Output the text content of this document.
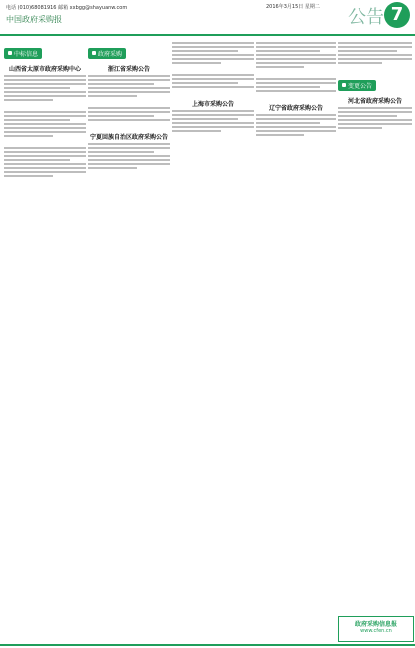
电话 (010)68081916 邮箱 xxbgg@shayuanw.com
中国政府采购报
2016年3月15日 星期二 公告 7
中标信息
山西省太原市政府采购中心
政府采购
浙江省采购公告
宁夏回族自治区政府采购公告
上海市采购公告
辽宁省政府采购公告
变更公告
河北省政府采购公告
政府采购信息报
www.cfen.cn
